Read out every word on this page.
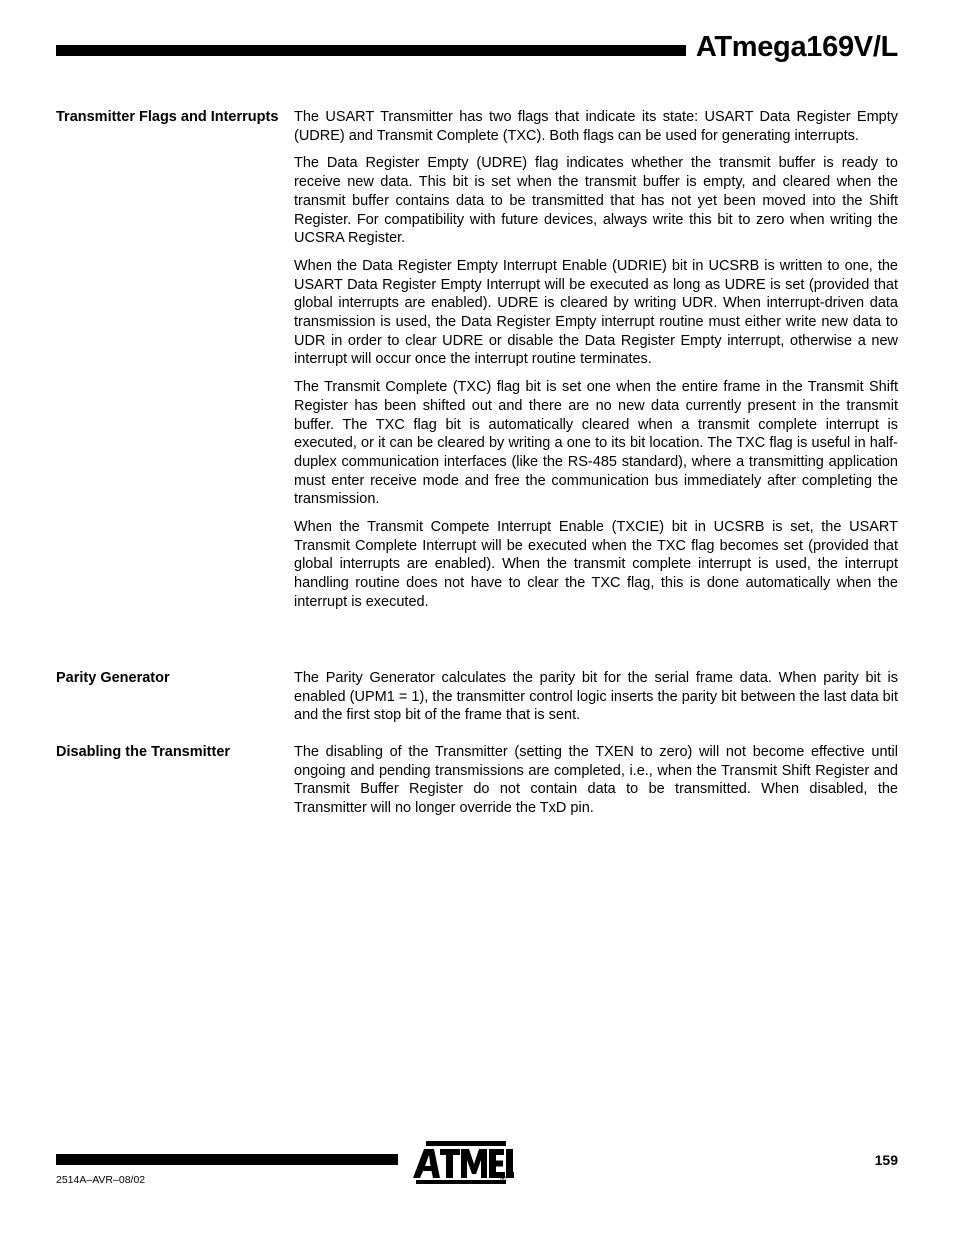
ATmega169V/L
Transmitter Flags and Interrupts The USART Transmitter has two flags that indicate its state: USART Data Register Empty (UDRE) and Transmit Complete (TXC). Both flags can be used for generating interrupts.

The Data Register Empty (UDRE) flag indicates whether the transmit buffer is ready to receive new data. This bit is set when the transmit buffer is empty, and cleared when the transmit buffer contains data to be transmitted that has not yet been moved into the Shift Register. For compatibility with future devices, always write this bit to zero when writing the UCSRA Register.

When the Data Register Empty Interrupt Enable (UDRIE) bit in UCSRB is written to one, the USART Data Register Empty Interrupt will be executed as long as UDRE is set (provided that global interrupts are enabled). UDRE is cleared by writing UDR. When interrupt-driven data transmission is used, the Data Register Empty interrupt routine must either write new data to UDR in order to clear UDRE or disable the Data Register Empty interrupt, otherwise a new interrupt will occur once the interrupt routine terminates.

The Transmit Complete (TXC) flag bit is set one when the entire frame in the Transmit Shift Register has been shifted out and there are no new data currently present in the transmit buffer. The TXC flag bit is automatically cleared when a transmit complete interrupt is executed, or it can be cleared by writing a one to its bit location. The TXC flag is useful in half-duplex communication interfaces (like the RS-485 standard), where a transmitting application must enter receive mode and free the communication bus immediately after completing the transmission.

When the Transmit Compete Interrupt Enable (TXCIE) bit in UCSRB is set, the USART Transmit Complete Interrupt will be executed when the TXC flag becomes set (provided that global interrupts are enabled). When the transmit complete interrupt is used, the interrupt handling routine does not have to clear the TXC flag, this is done automatically when the interrupt is executed.

Parity Generator	The Parity Generator calculates the parity bit for the serial frame data. When parity bit is enabled (UPM1 = 1), the transmitter control logic inserts the parity bit between the last data bit and the first stop bit of the frame that is sent.

Disabling the Transmitter	The disabling of the Transmitter (setting the TXEN to zero) will not become effective until ongoing and pending transmissions are completed, i.e., when the Transmit Shift Register and Transmit Buffer Register do not contain data to be transmitted. When disabled, the Transmitter will no longer override the TxD pin.

®
159
2514A–AVR–08/02
